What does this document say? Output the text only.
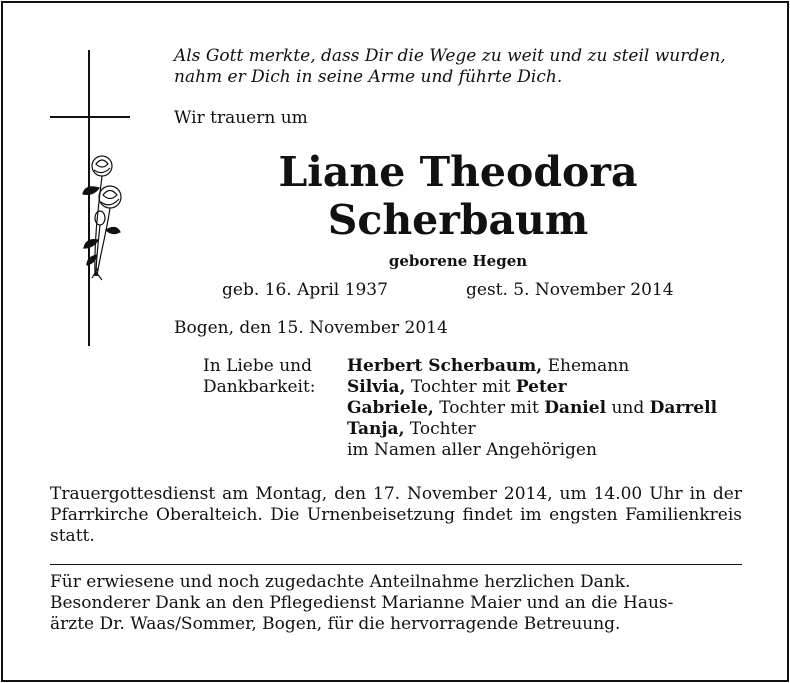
Als Gott merkte, dass Dir die Wege zu weit und zu steil wurden,
nahm er Dich in seine Arme und führte Dich.
Wir trauern um
Liane Theodora
Scherbaum
geborene Hegen
geb. 16. April 1937	gest. 5. November 2014
Bogen, den 15. November 2014
In Liebe und
Dankbarkeit:
Herbert Scherbaum, Ehemann
Silvia, Tochter mit Peter
Gabriele, Tochter mit Daniel und Darrell
Tanja, Tochter
im Namen aller Angehörigen
Trauergottesdienst am Montag, den 17. November 2014, um 14.00 Uhr in der Pfarrkirche Oberalteich. Die Urnenbeisetzung findet im engsten Familienkreis statt.
Für erwiesene und noch zugedachte Anteilnahme herzlichen Dank.
Besonderer Dank an den Pflegedienst Marianne Maier und an die Haus-
ärzte Dr. Waas/Sommer, Bogen, für die hervorragende Betreuung.
